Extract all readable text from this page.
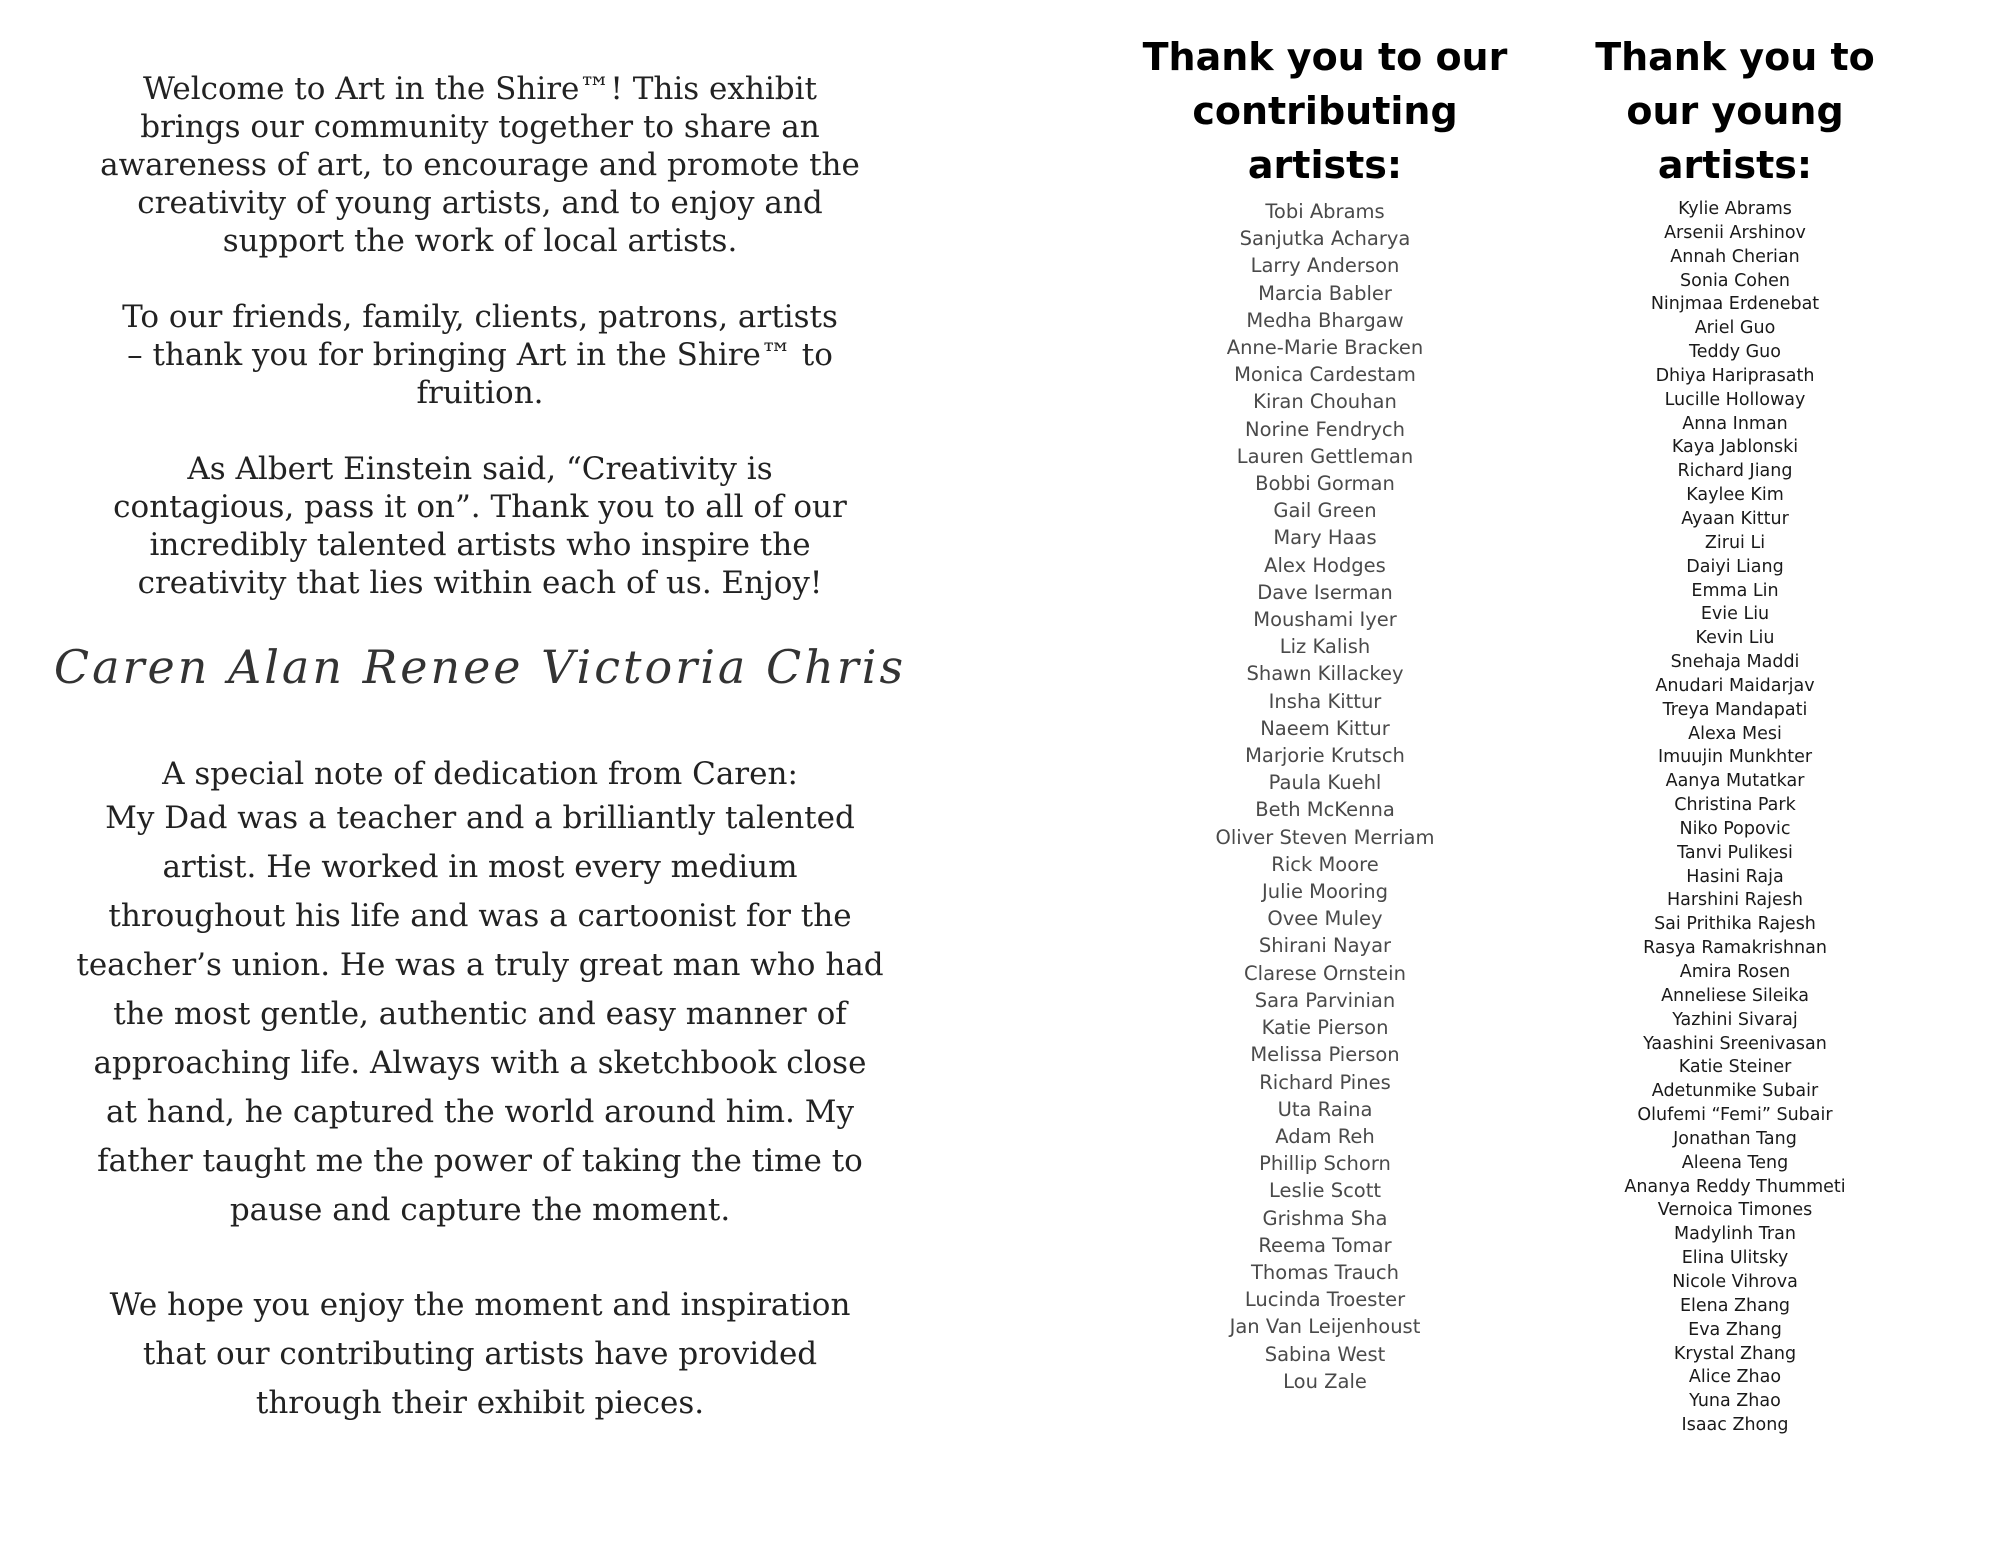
Welcome to Art in the Shire™! This exhibit
brings our community together to share an
awareness of art, to encourage and promote the
creativity of young artists, and to enjoy and
support the work of local artists.

To our friends, family, clients, patrons, artists
– thank you for bringing Art in the Shire™ to
fruition.

As Albert Einstein said, “Creativity is
contagious, pass it on”. Thank you to all of our
incredibly talented artists who inspire the
creativity that lies within each of us. Enjoy!

Caren Alan Renee Victoria Chris

A special note of dedication from Caren:

My Dad was a teacher and a brilliantly talented
artist. He worked in most every medium
throughout his life and was a cartoonist for the
teacher’s union. He was a truly great man who had
the most gentle, authentic and easy manner of
approaching life. Always with a sketchbook close
at hand, he captured the world around him. My
father taught me the power of taking the time to
pause and capture the moment.

We hope you enjoy the moment and inspiration
that our contributing artists have provided
through their exhibit pieces.

Thank you to our
contributing
artists:
Tobi Abrams
Sanjutka Acharya
Larry Anderson
Marcia Babler
Medha Bhargaw
Anne-Marie Bracken
Monica Cardestam
Kiran Chouhan
Norine Fendrych
Lauren Gettleman
Bobbi Gorman
Gail Green
Mary Haas
Alex Hodges
Dave Iserman
Moushami Iyer
Liz Kalish
Shawn Killackey
Insha Kittur
Naeem Kittur
Marjorie Krutsch
Paula Kuehl
Beth McKenna
Oliver Steven Merriam
Rick Moore
Julie Mooring
Ovee Muley
Shirani Nayar
Clarese Ornstein
Sara Parvinian
Katie Pierson
Melissa Pierson
Richard Pines
Uta Raina
Adam Reh
Phillip Schorn
Leslie Scott
Grishma Sha
Reema Tomar
Thomas Trauch
Lucinda Troester
Jan Van Leijenhoust
Sabina West
Lou Zale
Thank you to
our young
artists:
Kylie Abrams
Arsenii Arshinov
Annah Cherian
Sonia Cohen
Ninjmaa Erdenebat
Ariel Guo
Teddy Guo
Dhiya Hariprasath
Lucille Holloway
Anna Inman
Kaya Jablonski
Richard Jiang
Kaylee Kim
Ayaan Kittur
Zirui Li
Daiyi Liang
Emma Lin
Evie Liu
Kevin Liu
Snehaja Maddi
Anudari Maidarjav
Treya Mandapati
Alexa Mesi
Imuujin Munkhter
Aanya Mutatkar
Christina Park
Niko Popovic
Tanvi Pulikesi
Hasini Raja
Harshini Rajesh
Sai Prithika Rajesh
Rasya Ramakrishnan
Amira Rosen
Anneliese Sileika
Yazhini Sivaraj
Yaashini Sreenivasan
Katie Steiner
Adetunmike Subair
Olufemi “Femi” Subair
Jonathan Tang
Aleena Teng
Ananya Reddy Thummeti
Vernoica Timones
Madylinh Tran
Elina Ulitsky
Nicole Vihrova
Elena Zhang
Eva Zhang
Krystal Zhang
Alice Zhao
Yuna Zhao
Isaac Zhong
